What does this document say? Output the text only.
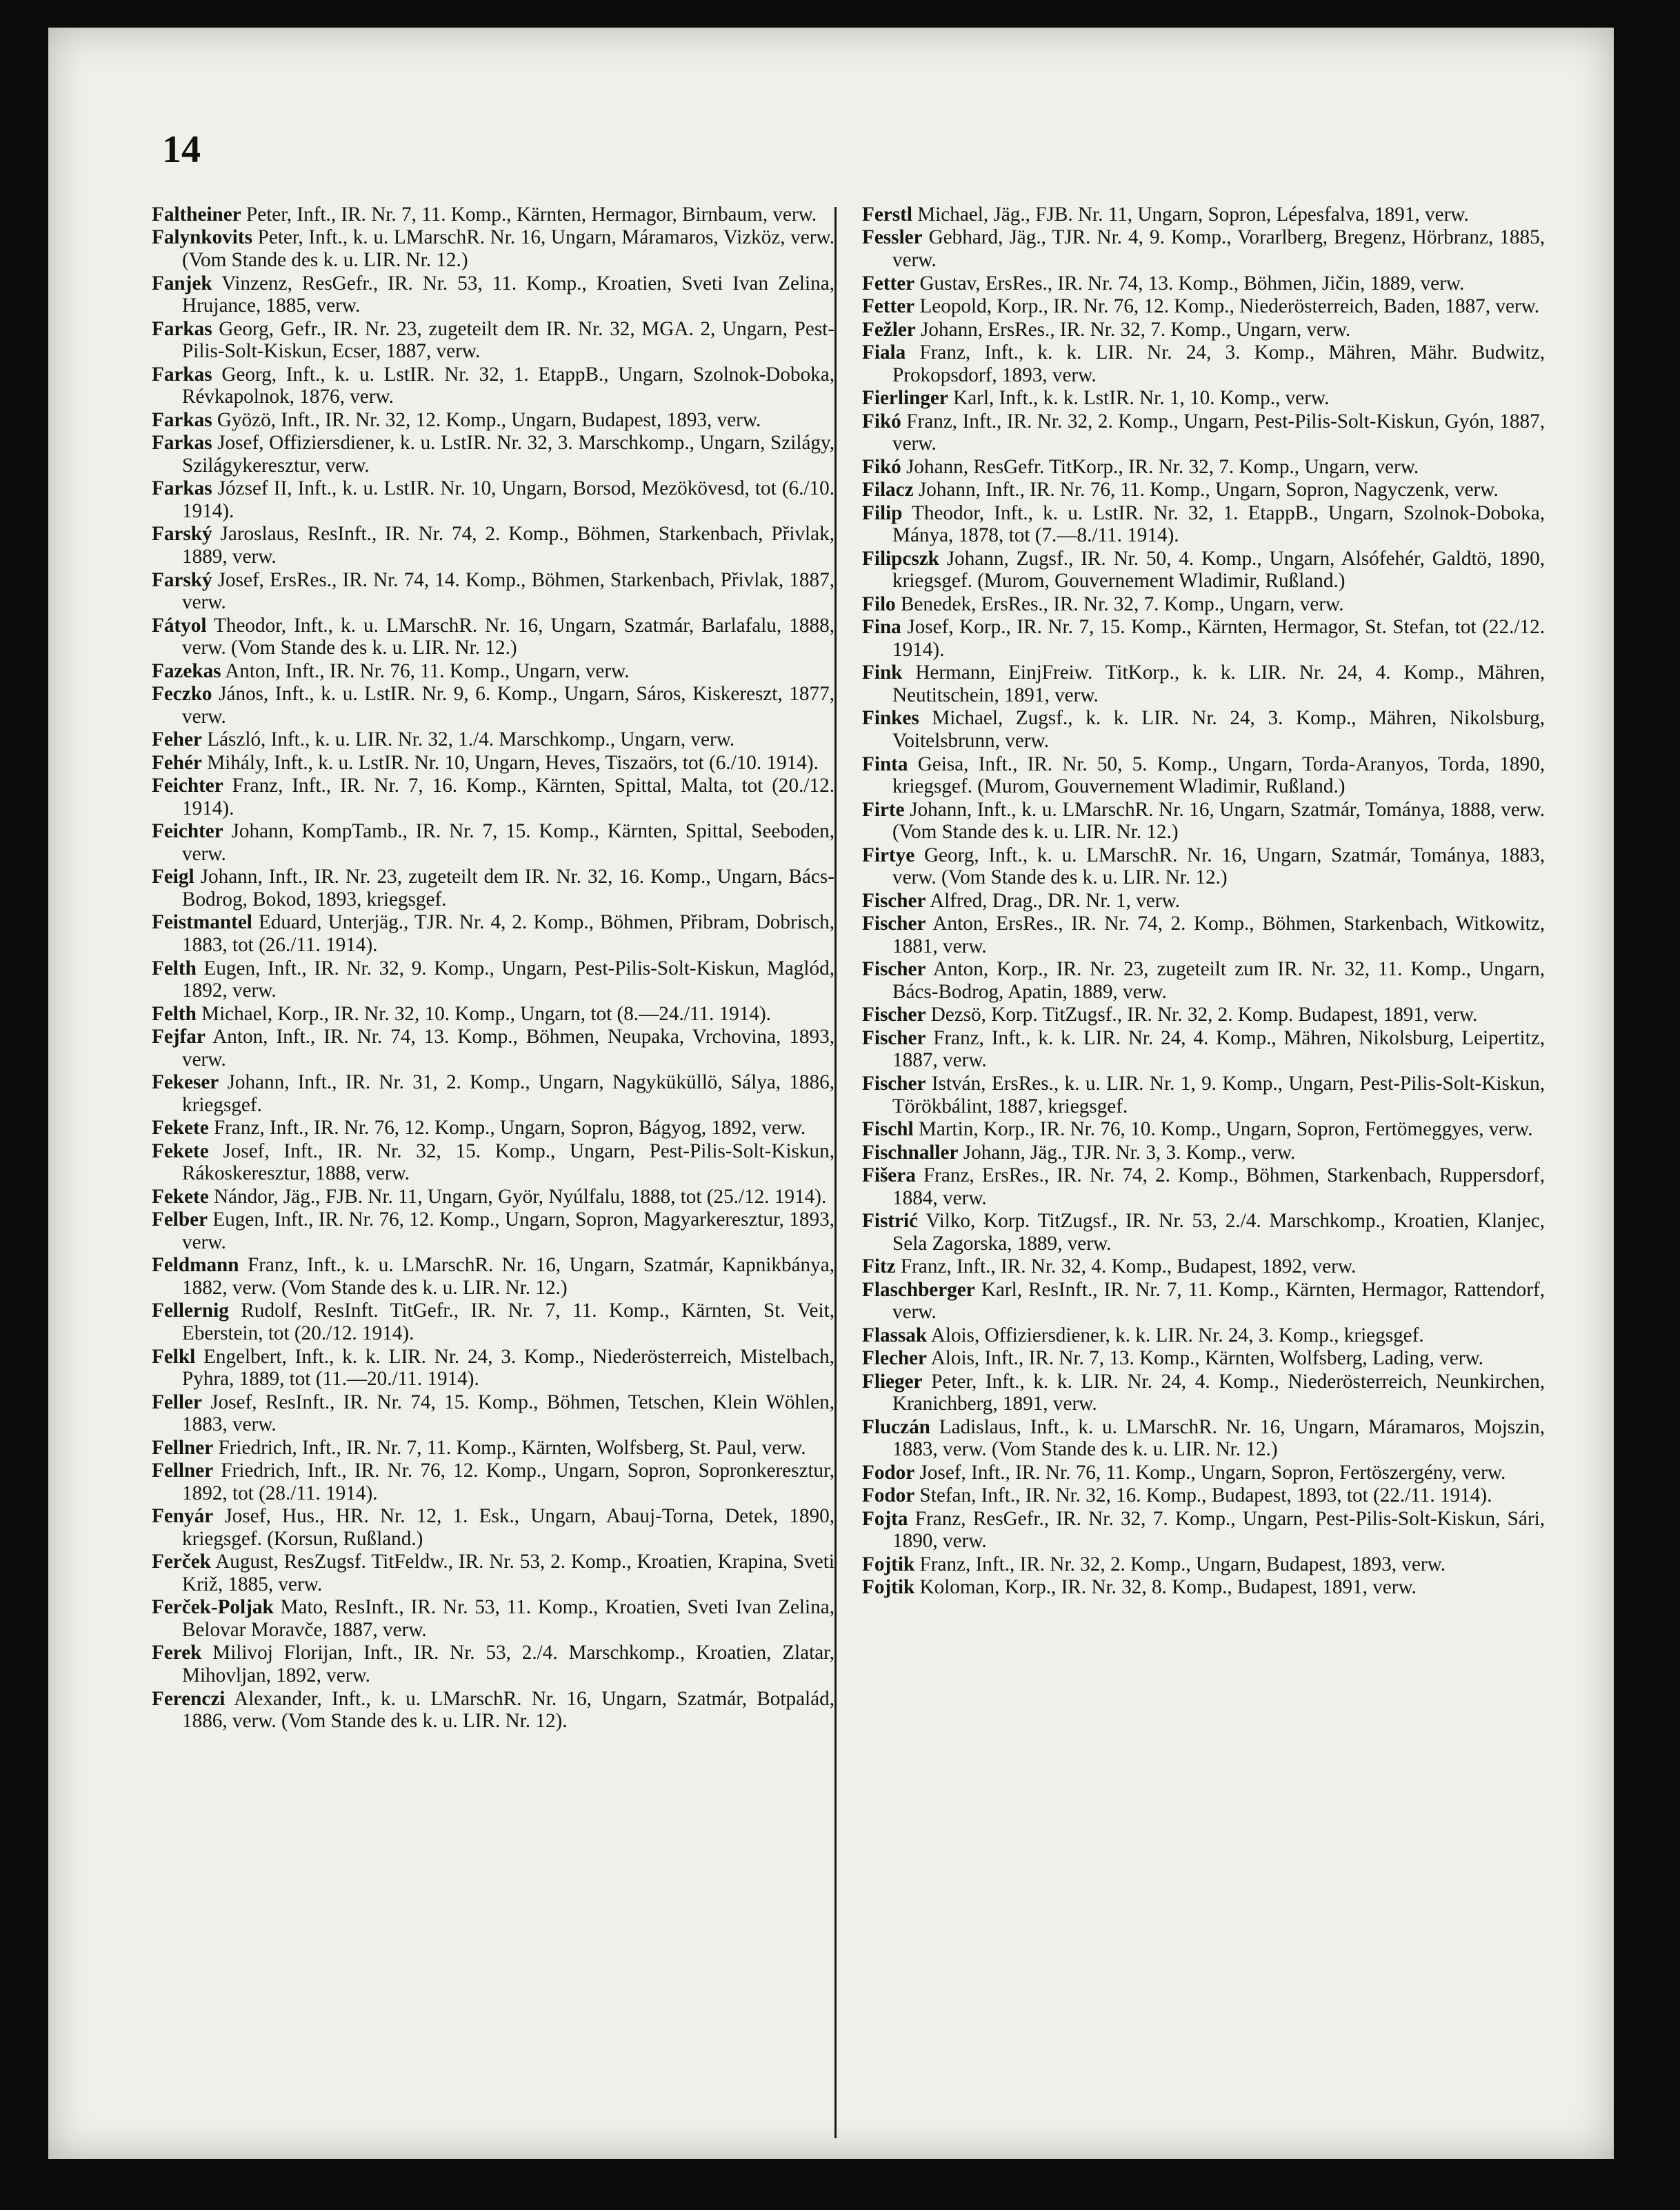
14

Faltheiner Peter, Inft., IR. Nr. 7, 11. Komp., Kärnten, Hermagor, Birnbaum, verw.

Falynkovits Peter, Inft., k. u. LMarschR. Nr. 16, Ungarn, Máramaros, Vizköz, verw. (Vom Stande des k. u. LIR. Nr. 12.)

Fanjek Vinzenz, ResGefr., IR. Nr. 53, 11. Komp., Kroatien, Sveti Ivan Zelina, Hrujance, 1885, verw.

Farkas Georg, Gefr., IR. Nr. 23, zugeteilt dem IR. Nr. 32, MGA. 2, Ungarn, Pest-Pilis-Solt-Kiskun, Ecser, 1887, verw.

Farkas Georg, Inft., k. u. LstIR. Nr. 32, 1. EtappB., Ungarn, Szolnok-Doboka, Révkapolnok, 1876, verw.

Farkas Gyözö, Inft., IR. Nr. 32, 12. Komp., Ungarn, Budapest, 1893, verw.

Farkas Josef, Offiziersdiener, k. u. LstIR. Nr. 32, 3. Marschkomp., Ungarn, Szilágy, Szilágykeresztur, verw.

Farkas József II, Inft., k. u. LstIR. Nr. 10, Ungarn, Borsod, Mezökövesd, tot (6./10. 1914).

Farský Jaroslaus, ResInft., IR. Nr. 74, 2. Komp., Böhmen, Starkenbach, Přivlak, 1889, verw.

Farský Josef, ErsRes., IR. Nr. 74, 14. Komp., Böhmen, Starkenbach, Přivlak, 1887, verw.

Fátyol Theodor, Inft., k. u. LMarschR. Nr. 16, Ungarn, Szatmár, Barlafalu, 1888, verw. (Vom Stande des k. u. LIR. Nr. 12.)

Fazekas Anton, Inft., IR. Nr. 76, 11. Komp., Ungarn, verw.

Feczko János, Inft., k. u. LstIR. Nr. 9, 6. Komp., Ungarn, Sáros, Kiskereszt, 1877, verw.

Feher László, Inft., k. u. LIR. Nr. 32, 1./4. Marschkomp., Ungarn, verw.

Fehér Mihály, Inft., k. u. LstIR. Nr. 10, Ungarn, Heves, Tiszaörs, tot (6./10. 1914).

Feichter Franz, Inft., IR. Nr. 7, 16. Komp., Kärnten, Spittal, Malta, tot (20./12. 1914).

Feichter Johann, KompTamb., IR. Nr. 7, 15. Komp., Kärnten, Spittal, Seeboden, verw.

Feigl Johann, Inft., IR. Nr. 23, zugeteilt dem IR. Nr. 32, 16. Komp., Ungarn, Bács-Bodrog, Bokod, 1893, kriegsgef.

Feistmantel Eduard, Unterjäg., TJR. Nr. 4, 2. Komp., Böhmen, Přibram, Dobrisch, 1883, tot (26./11. 1914).

Felth Eugen, Inft., IR. Nr. 32, 9. Komp., Ungarn, Pest-Pilis-Solt-Kiskun, Maglód, 1892, verw.

Felth Michael, Korp., IR. Nr. 32, 10. Komp., Ungarn, tot (8.—24./11. 1914).

Fejfar Anton, Inft., IR. Nr. 74, 13. Komp., Böhmen, Neupaka, Vrchovina, 1893, verw.

Fekeser Johann, Inft., IR. Nr. 31, 2. Komp., Ungarn, Nagyküküllö, Sálya, 1886, kriegsgef.

Fekete Franz, Inft., IR. Nr. 76, 12. Komp., Ungarn, Sopron, Bágyog, 1892, verw.

Fekete Josef, Inft., IR. Nr. 32, 15. Komp., Ungarn, Pest-Pilis-Solt-Kiskun, Rákoskeresztur, 1888, verw.

Fekete Nándor, Jäg., FJB. Nr. 11, Ungarn, Györ, Nyúlfalu, 1888, tot (25./12. 1914).

Felber Eugen, Inft., IR. Nr. 76, 12. Komp., Ungarn, Sopron, Magyarkeresztur, 1893, verw.

Feldmann Franz, Inft., k. u. LMarschR. Nr. 16, Ungarn, Szatmár, Kapnikbánya, 1882, verw. (Vom Stande des k. u. LIR. Nr. 12.)

Fellernig Rudolf, ResInft. TitGefr., IR. Nr. 7, 11. Komp., Kärnten, St. Veit, Eberstein, tot (20./12. 1914).

Felkl Engelbert, Inft., k. k. LIR. Nr. 24, 3. Komp., Niederösterreich, Mistelbach, Pyhra, 1889, tot (11.—20./11. 1914).

Feller Josef, ResInft., IR. Nr. 74, 15. Komp., Böhmen, Tetschen, Klein Wöhlen, 1883, verw.

Fellner Friedrich, Inft., IR. Nr. 7, 11. Komp., Kärnten, Wolfsberg, St. Paul, verw.

Fellner Friedrich, Inft., IR. Nr. 76, 12. Komp., Ungarn, Sopron, Sopronkeresztur, 1892, tot (28./11. 1914).

Fenyár Josef, Hus., HR. Nr. 12, 1. Esk., Ungarn, Abauj-Torna, Detek, 1890, kriegsgef. (Korsun, Rußland.)

Ferček August, ResZugsf. TitFeldw., IR. Nr. 53, 2. Komp., Kroatien, Krapina, Sveti Križ, 1885, verw.

Ferček-Poljak Mato, ResInft., IR. Nr. 53, 11. Komp., Kroatien, Sveti Ivan Zelina, Belovar Moravče, 1887, verw.

Ferek Milivoj Florijan, Inft., IR. Nr. 53, 2./4. Marschkomp., Kroatien, Zlatar, Mihovljan, 1892, verw.

Ferenczi Alexander, Inft., k. u. LMarschR. Nr. 16, Ungarn, Szatmár, Botpalád, 1886, verw. (Vom Stande des k. u. LIR. Nr. 12).

Ferstl Michael, Jäg., FJB. Nr. 11, Ungarn, Sopron, Lépesfalva, 1891, verw.

Fessler Gebhard, Jäg., TJR. Nr. 4, 9. Komp., Vorarlberg, Bregenz, Hörbranz, 1885, verw.

Fetter Gustav, ErsRes., IR. Nr. 74, 13. Komp., Böhmen, Jičin, 1889, verw.

Fetter Leopold, Korp., IR. Nr. 76, 12. Komp., Niederösterreich, Baden, 1887, verw.

Fežler Johann, ErsRes., IR. Nr. 32, 7. Komp., Ungarn, verw.

Fiala Franz, Inft., k. k. LIR. Nr. 24, 3. Komp., Mähren, Mähr. Budwitz, Prokopsdorf, 1893, verw.

Fierlinger Karl, Inft., k. k. LstIR. Nr. 1, 10. Komp., verw.

Fikó Franz, Inft., IR. Nr. 32, 2. Komp., Ungarn, Pest-Pilis-Solt-Kiskun, Gyón, 1887, verw.

Fikó Johann, ResGefr. TitKorp., IR. Nr. 32, 7. Komp., Ungarn, verw.

Filacz Johann, Inft., IR. Nr. 76, 11. Komp., Ungarn, Sopron, Nagyczenk, verw.

Filip Theodor, Inft., k. u. LstIR. Nr. 32, 1. EtappB., Ungarn, Szolnok-Doboka, Mánya, 1878, tot (7.—8./11. 1914).

Filipcszk Johann, Zugsf., IR. Nr. 50, 4. Komp., Ungarn, Alsófehér, Galdtö, 1890, kriegsgef. (Murom, Gouvernement Wladimir, Rußland.)

Filo Benedek, ErsRes., IR. Nr. 32, 7. Komp., Ungarn, verw.

Fina Josef, Korp., IR. Nr. 7, 15. Komp., Kärnten, Hermagor, St. Stefan, tot (22./12. 1914).

Fink Hermann, EinjFreiw. TitKorp., k. k. LIR. Nr. 24, 4. Komp., Mähren, Neutitschein, 1891, verw.

Finkes Michael, Zugsf., k. k. LIR. Nr. 24, 3. Komp., Mähren, Nikolsburg, Voitelsbrunn, verw.

Finta Geisa, Inft., IR. Nr. 50, 5. Komp., Ungarn, Torda-Aranyos, Torda, 1890, kriegsgef. (Murom, Gouvernement Wladimir, Rußland.)

Firte Johann, Inft., k. u. LMarschR. Nr. 16, Ungarn, Szatmár, Tománya, 1888, verw. (Vom Stande des k. u. LIR. Nr. 12.)

Firtye Georg, Inft., k. u. LMarschR. Nr. 16, Ungarn, Szatmár, Tománya, 1883, verw. (Vom Stande des k. u. LIR. Nr. 12.)

Fischer Alfred, Drag., DR. Nr. 1, verw.

Fischer Anton, ErsRes., IR. Nr. 74, 2. Komp., Böhmen, Starkenbach, Witkowitz, 1881, verw.

Fischer Anton, Korp., IR. Nr. 23, zugeteilt zum IR. Nr. 32, 11. Komp., Ungarn, Bács-Bodrog, Apatin, 1889, verw.

Fischer Dezsö, Korp. TitZugsf., IR. Nr. 32, 2. Komp. Budapest, 1891, verw.

Fischer Franz, Inft., k. k. LIR. Nr. 24, 4. Komp., Mähren, Nikolsburg, Leipertitz, 1887, verw.

Fischer István, ErsRes., k. u. LIR. Nr. 1, 9. Komp., Ungarn, Pest-Pilis-Solt-Kiskun, Törökbálint, 1887, kriegsgef.

Fischl Martin, Korp., IR. Nr. 76, 10. Komp., Ungarn, Sopron, Fertömeggyes, verw.

Fischnaller Johann, Jäg., TJR. Nr. 3, 3. Komp., verw.

Fišera Franz, ErsRes., IR. Nr. 74, 2. Komp., Böhmen, Starkenbach, Ruppersdorf, 1884, verw.

Fistrić Vilko, Korp. TitZugsf., IR. Nr. 53, 2./4. Marschkomp., Kroatien, Klanjec, Sela Zagorska, 1889, verw.

Fitz Franz, Inft., IR. Nr. 32, 4. Komp., Budapest, 1892, verw.

Flaschberger Karl, ResInft., IR. Nr. 7, 11. Komp., Kärnten, Hermagor, Rattendorf, verw.

Flassak Alois, Offiziersdiener, k. k. LIR. Nr. 24, 3. Komp., kriegsgef.

Flecher Alois, Inft., IR. Nr. 7, 13. Komp., Kärnten, Wolfsberg, Lading, verw.

Flieger Peter, Inft., k. k. LIR. Nr. 24, 4. Komp., Niederösterreich, Neunkirchen, Kranichberg, 1891, verw.

Fluczán Ladislaus, Inft., k. u. LMarschR. Nr. 16, Ungarn, Máramaros, Mojszin, 1883, verw. (Vom Stande des k. u. LIR. Nr. 12.)

Fodor Josef, Inft., IR. Nr. 76, 11. Komp., Ungarn, Sopron, Fertöszergény, verw.

Fodor Stefan, Inft., IR. Nr. 32, 16. Komp., Budapest, 1893, tot (22./11. 1914).

Fojta Franz, ResGefr., IR. Nr. 32, 7. Komp., Ungarn, Pest-Pilis-Solt-Kiskun, Sári, 1890, verw.

Fojtik Franz, Inft., IR. Nr. 32, 2. Komp., Ungarn, Budapest, 1893, verw.

Fojtik Koloman, Korp., IR. Nr. 32, 8. Komp., Budapest, 1891, verw.
